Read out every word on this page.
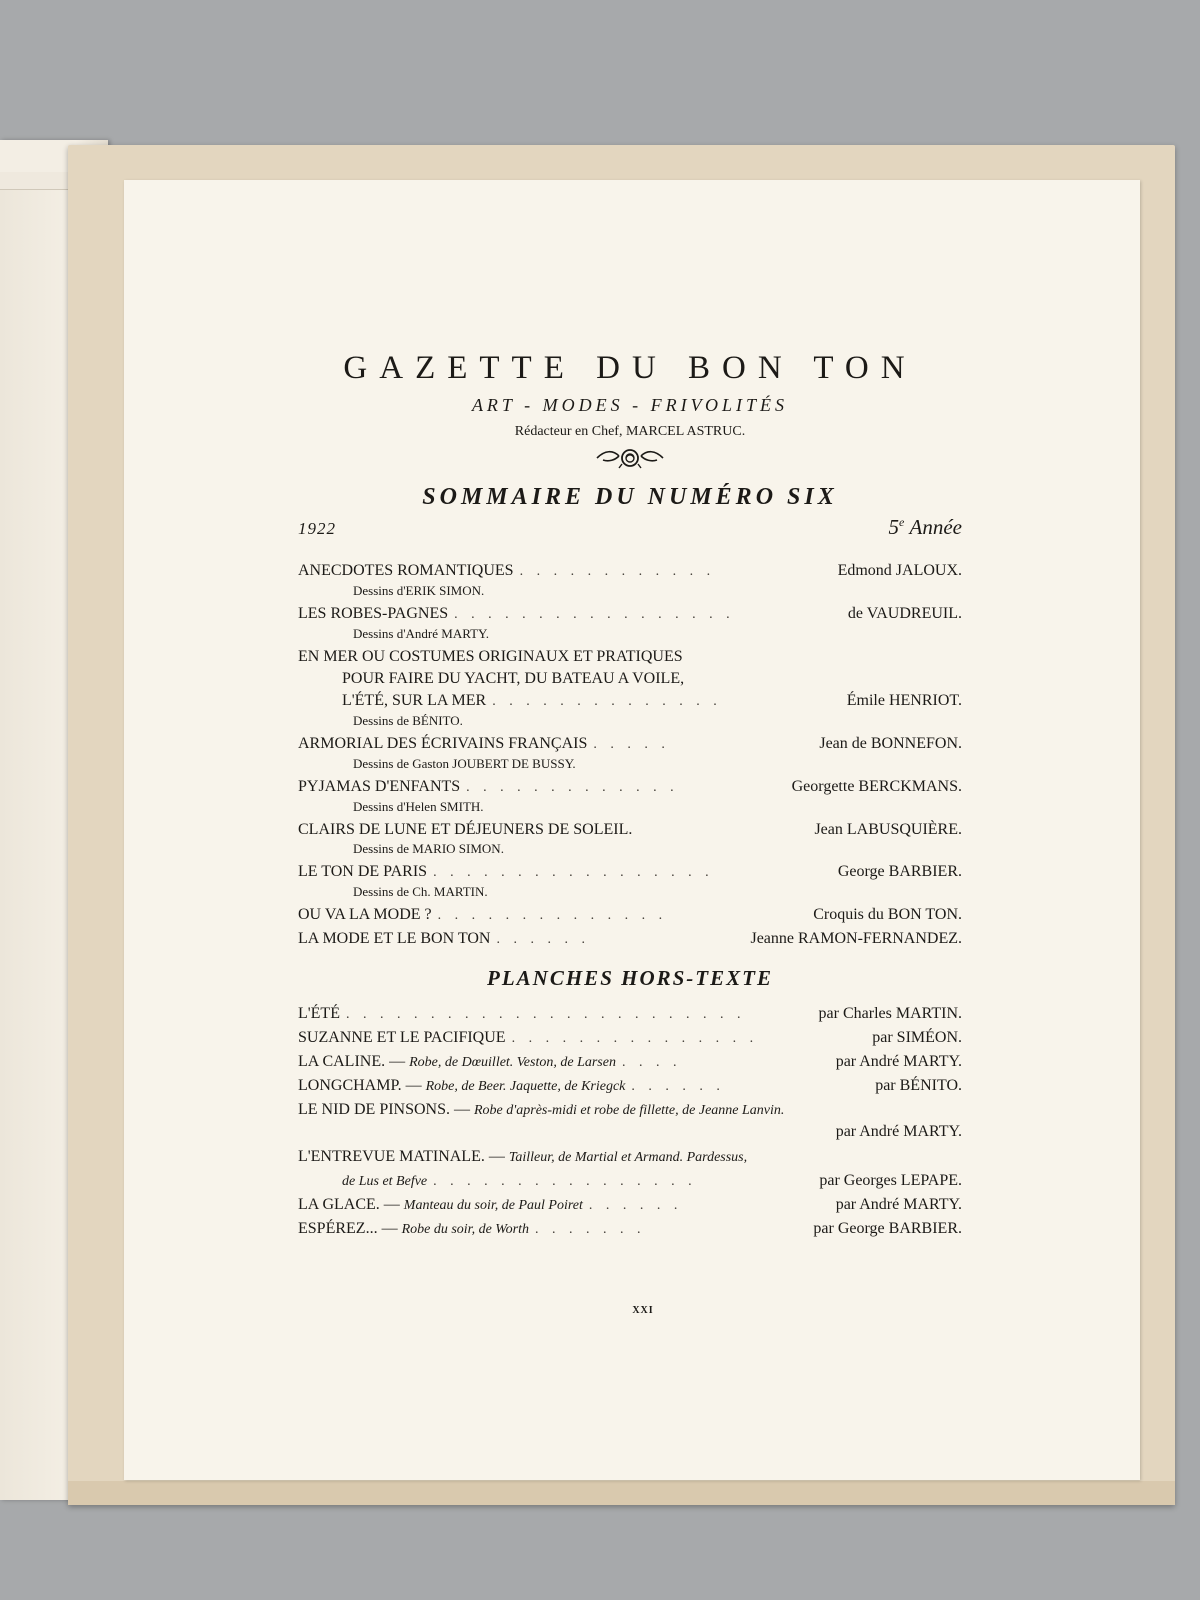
GAZETTE DU BON TON
ART - MODES - FRIVOLITÉS
Rédacteur en Chef, MARCEL ASTRUC.
SOMMAIRE DU NUMÉRO SIX
1922	5e Année
ANECDOTES ROMANTIQUES . . . . . . . . . . . .	Edmond JALOUX.
Dessins d'ERIK SIMON.
LES ROBES-PAGNES . . . . . . . . . . . . . . . . .	de VAUDREUIL.
Dessins d'André MARTY.
EN MER OU COSTUMES ORIGINAUX ET PRATIQUES
POUR FAIRE DU YACHT, DU BATEAU A VOILE,
L'ÉTÉ, SUR LA MER . . . . . . . . . . . . . .	Émile HENRIOT.
Dessins de BÉNITO.
ARMORIAL DES ÉCRIVAINS FRANÇAIS . . . . .	Jean de BONNEFON.
Dessins de Gaston JOUBERT DE BUSSY.
PYJAMAS D'ENFANTS . . . . . . . . . . . . .	Georgette BERCKMANS.
Dessins d'Helen SMITH.
CLAIRS DE LUNE ET DÉJEUNERS DE SOLEIL.	Jean LABUSQUIÈRE.
Dessins de MARIO SIMON.
LE TON DE PARIS . . . . . . . . . . . . . . . . .	George BARBIER.
Dessins de Ch. MARTIN.
OU VA LA MODE ? . . . . . . . . . . . . . .	Croquis du BON TON.
LA MODE ET LE BON TON . . . . . .	Jeanne RAMON-FERNANDEZ.
PLANCHES HORS-TEXTE
L'ÉTÉ . . . . . . . . . . . . . . . . . . . . . . . .	par Charles MARTIN.
SUZANNE ET LE PACIFIQUE . . . . . . . . . . . . . . .	par SIMÉON.
LA CALINE. — Robe, de Dœuillet. Veston, de Larsen . . . .	par André MARTY.
LONGCHAMP. — Robe, de Beer. Jaquette, de Kriegck . . . . . .	par BÉNITO.
LE NID DE PINSONS. — Robe d'après-midi et robe de fillette, de Jeanne Lanvin.
par André MARTY.
L'ENTREVUE MATINALE. — Tailleur, de Martial et Armand. Pardessus,
de Lus et Befve . . . . . . . . . . . . . . . .	par Georges LEPAPE.
LA GLACE. — Manteau du soir, de Paul Poiret . . . . . .	par André MARTY.
ESPÉREZ... — Robe du soir, de Worth . . . . . . .	par George BARBIER.
XXI
